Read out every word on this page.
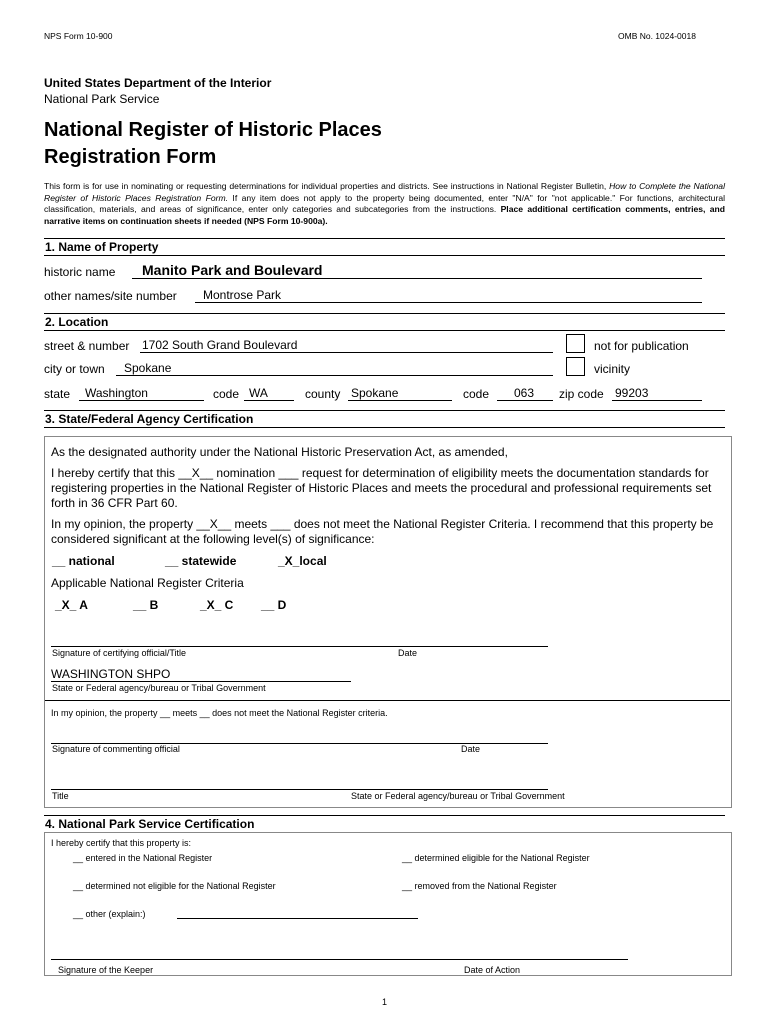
NPS Form 10-900	OMB No. 1024-0018
United States Department of the Interior
National Park Service
National Register of Historic Places
Registration Form
This form is for use in nominating or requesting determinations for individual properties and districts. See instructions in National Register Bulletin, How to Complete the National Register of Historic Places Registration Form. If any item does not apply to the property being documented, enter "N/A" for "not applicable." For functions, architectural classification, materials, and areas of significance, enter only categories and subcategories from the instructions. Place additional certification comments, entries, and narrative items on continuation sheets if needed (NPS Form 10-900a).
1. Name of Property
historic name Manito Park and Boulevard
other names/site number Montrose Park
2. Location
street & number 1702 South Grand Boulevard	not for publication
city or town Spokane	vicinity
state Washington	code WA	county Spokane	code 063 zip code 99203
3. State/Federal Agency Certification
As the designated authority under the National Historic Preservation Act, as amended,
I hereby certify that this __X__ nomination ___ request for determination of eligibility meets the documentation standards for registering properties in the National Register of Historic Places and meets the procedural and professional requirements set forth in 36 CFR Part 60.
In my opinion, the property __X__ meets ___ does not meet the National Register Criteria. I recommend that this property be considered significant at the following level(s) of significance:
__ national	__ statewide	_X_local
Applicable National Register Criteria
_X_ A	__ B	_X_ C __ D
Signature of certifying official/Title	Date
WASHINGTON SHPO
State or Federal agency/bureau or Tribal Government
In my opinion, the property __ meets __ does not meet the National Register criteria.
Signature of commenting official	Date
Title	State or Federal agency/bureau or Tribal Government
4. National Park Service Certification
I hereby certify that this property is:
__ entered in the National Register	__ determined eligible for the National Register
__ determined not eligible for the National Register	__ removed from the National Register
__ other (explain:)
Signature of the Keeper	Date of Action
1
